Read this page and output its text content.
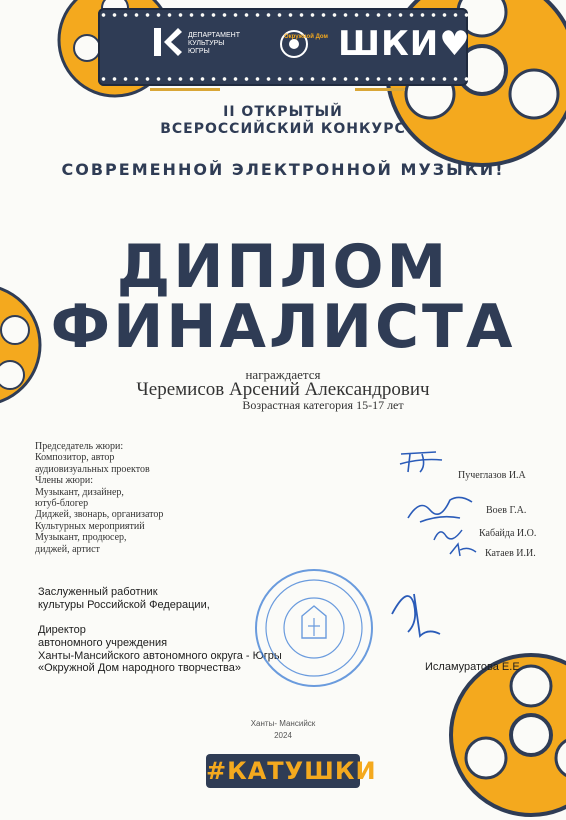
ДЕПАРТАМЕНТ КУЛЬТУРЫ ЮГРЫ
Окружной Дом ШКИ♥
II ОТКРЫТЫЙ
ВСЕРОССИЙСКИЙ КОНКУРС
СОВРЕМЕННОЙ ЭЛЕКТРОННОЙ МУЗЫКИ!
ДИПЛОМ
ФИНАЛИСТА
награждается
Черемисов Арсений Александрович
Возрастная категория 15-17 лет
Председатель жюри:
Композитор, автор
аудиовизуальных проектов
Члены жюри:
Музыкант, дизайнер,
ютуб-блогер
Диджей, звонарь, организатор
Культурных мероприятий
Музыкант, продюсер,
диджей, артист
Пучеглазов И.А
Воев Г.А.
Кабайда И.О.
Катаев И.И.
Заслуженный работник
культуры Российской Федерации,
Директор
автономного учреждения
Ханты-Мансийского автономного округа - Югры
«Окружной Дом народного творчества»	Исламуратова Е.Е
Ханты- Мансийск
2024
#КАТУШКИ
